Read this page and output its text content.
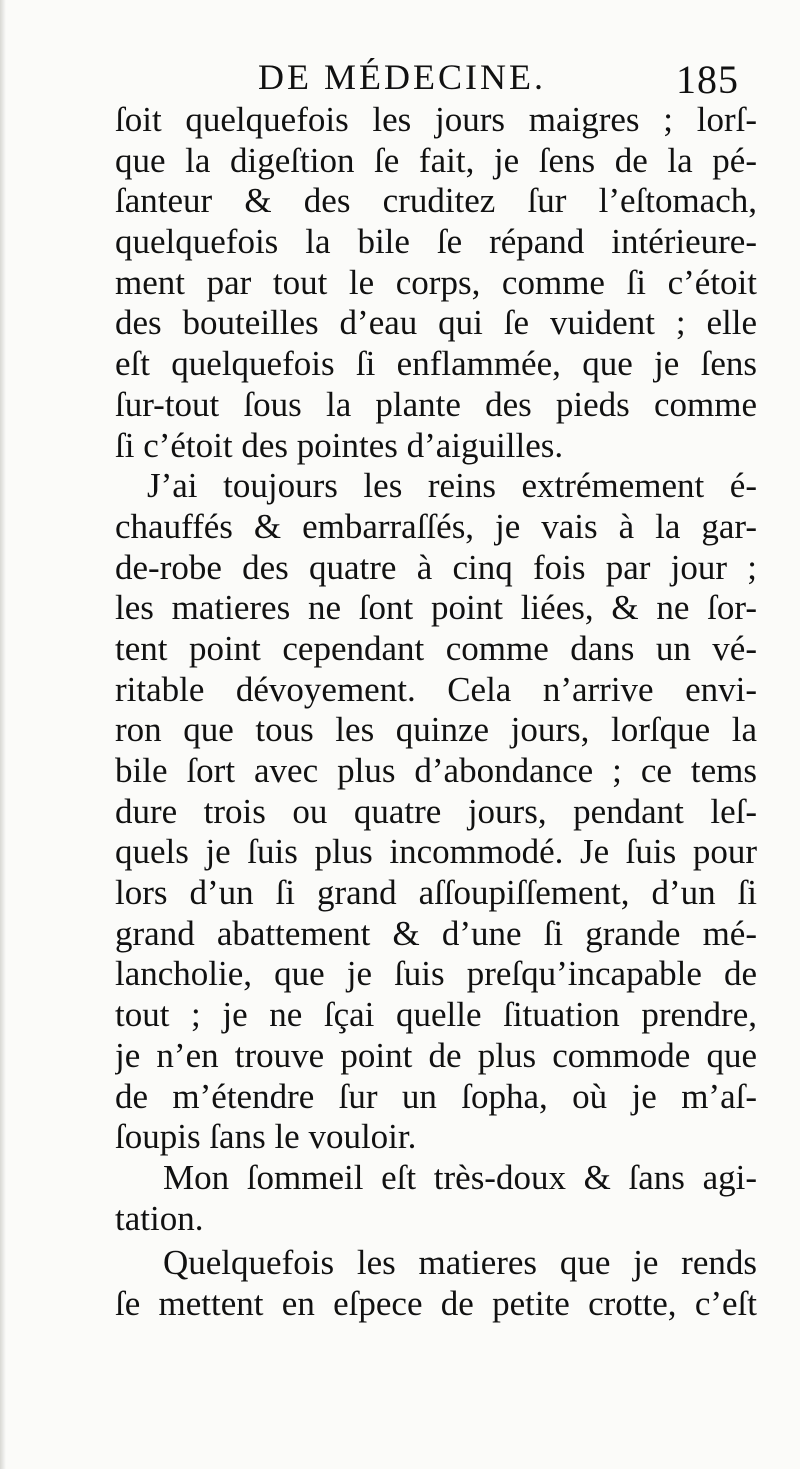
DE MÉDECINE.	185
ſoit quelquefois les jours maigres ; lorſ-
que la digeſtion ſe fait, je ſens de la pé-
ſanteur & des cruditez ſur l’eſtomach,
quelquefois la bile ſe répand intérieure-
ment par tout le corps, comme ſi c’étoit
des bouteilles d’eau qui ſe vuident ; elle
eſt quelquefois ſi enflammée, que je ſens
ſur-tout ſous la plante des pieds comme
ſi c’étoit des pointes d’aiguilles.
J’ai toujours les reins extrémement é-
chauffés & embarraſſés, je vais à la gar-
de-robe des quatre à cinq fois par jour ;
les matieres ne ſont point liées, & ne ſor-
tent point cependant comme dans un vé-
ritable dévoyement. Cela n’arrive envi-
ron que tous les quinze jours, lorſque la
bile ſort avec plus d’abondance ; ce tems
dure trois ou quatre jours, pendant leſ-
quels je ſuis plus incommodé. Je ſuis pour
lors d’un ſi grand aſſoupiſſement, d’un ſi
grand abattement & d’une ſi grande mé-
lancholie, que je ſuis preſqu’incapable de
tout ; je ne ſçai quelle ſituation prendre,
je n’en trouve point de plus commode que
de m’étendre ſur un ſopha, où je m’aſ-
ſoupis ſans le vouloir.
Mon ſommeil eſt très-doux & ſans agi-
tation.
Quelquefois les matieres que je rends
ſe mettent en eſpece de petite crotte, c’eſt
